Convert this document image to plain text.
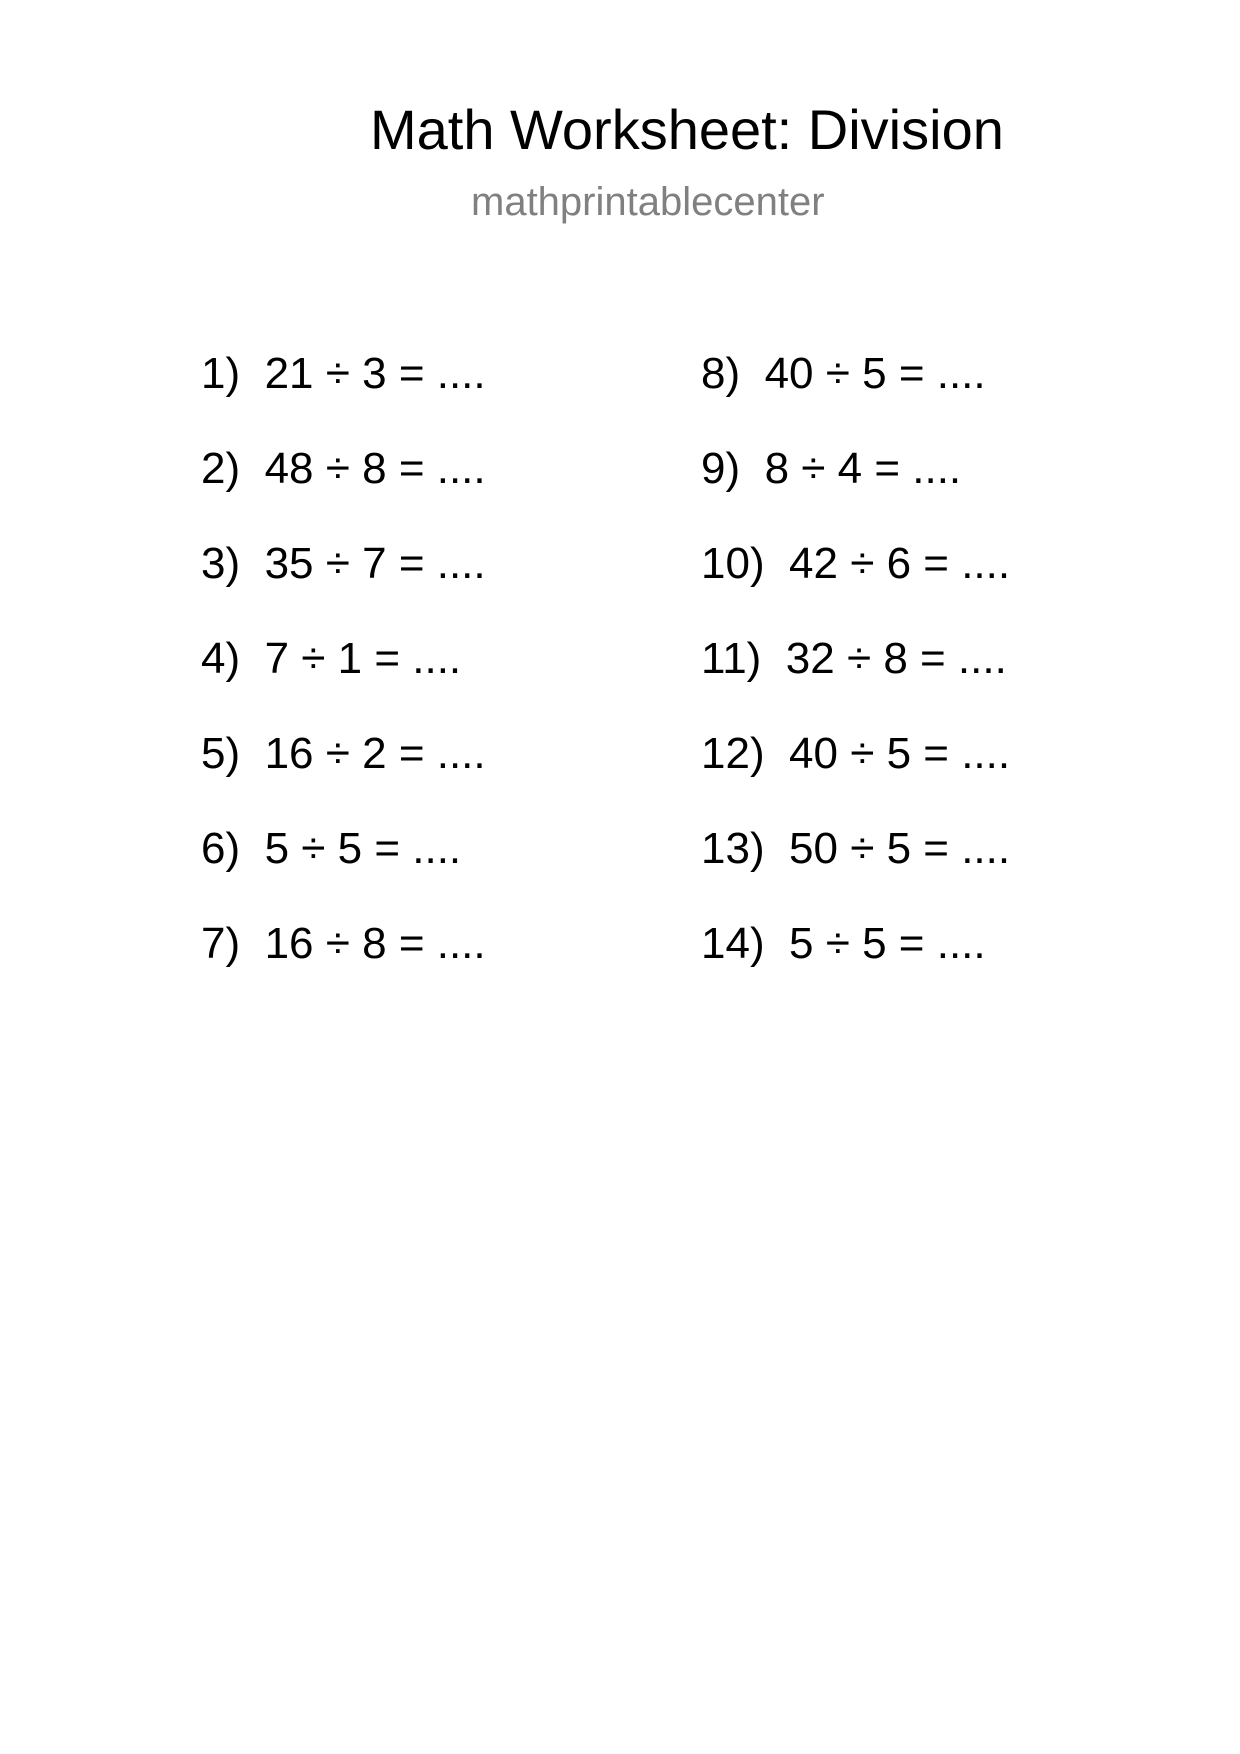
Math Worksheet: Division
mathprintablecenter
1) 21 ÷ 3 = ....
2) 48 ÷ 8 = ....
3) 35 ÷ 7 = ....
4) 7 ÷ 1 = ....
5) 16 ÷ 2 = ....
6) 5 ÷ 5 = ....
7) 16 ÷ 8 = ....
8) 40 ÷ 5 = ....
9) 8 ÷ 4 = ....
10) 42 ÷ 6 = ....
11) 32 ÷ 8 = ....
12) 40 ÷ 5 = ....
13) 50 ÷ 5 = ....
14) 5 ÷ 5 = ....
